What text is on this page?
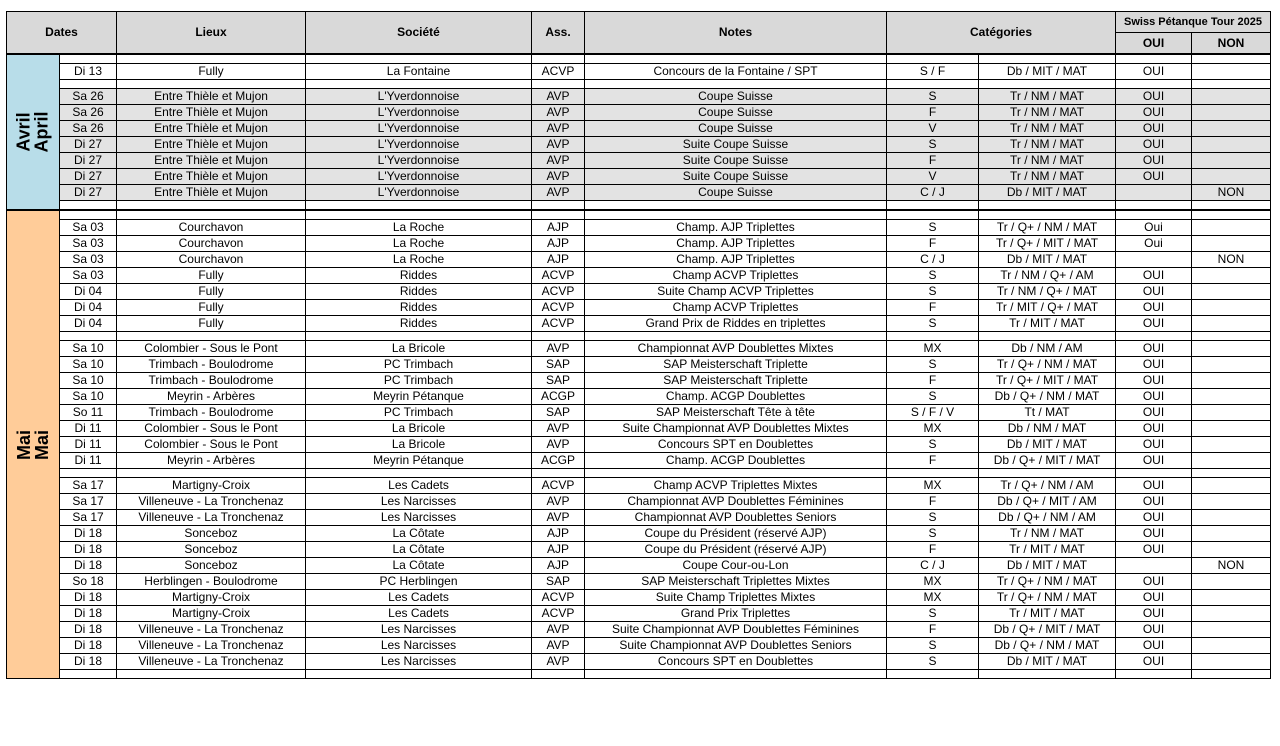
Dates		Lieux	Société	Ass.	Notes	Catégories		Swiss Pétanque Tour 2025	
								OUI	NON

Avril
April									

	Di 13	Fully	La Fontaine	ACVP	Concours de la Fontaine / SPT	S / F	Db / MIT / MAT	OUI	

	Sa 26	Entre Thièle et Mujon	L'Yverdonnoise	AVP	Coupe Suisse	S	Tr / NM / MAT	OUI	
	Sa 26	Entre Thièle et Mujon	L'Yverdonnoise	AVP	Coupe Suisse	F	Tr / NM / MAT	OUI	
	Sa 26	Entre Thièle et Mujon	L'Yverdonnoise	AVP	Coupe Suisse	V	Tr / NM / MAT	OUI	
	Di 27	Entre Thièle et Mujon	L'Yverdonnoise	AVP	Suite Coupe Suisse	S	Tr / NM / MAT	OUI	
	Di 27	Entre Thièle et Mujon	L'Yverdonnoise	AVP	Suite Coupe Suisse	F	Tr / NM / MAT	OUI	
	Di 27	Entre Thièle et Mujon	L'Yverdonnoise	AVP	Suite Coupe Suisse	V	Tr / NM / MAT	OUI	
	Di 27	Entre Thièle et Mujon	L'Yverdonnoise	AVP	Coupe Suisse	C / J	Db / MIT / MAT		NON

Mai
Mai									

	Sa 03	Courchavon	La Roche	AJP	Champ. AJP Triplettes	S	Tr / Q+ / NM / MAT	Oui	
	Sa 03	Courchavon	La Roche	AJP	Champ. AJP Triplettes	F	Tr / Q+ / MIT / MAT	Oui	
	Sa 03	Courchavon	La Roche	AJP	Champ. AJP Triplettes	C / J	Db / MIT / MAT		NON
	Sa 03	Fully	Riddes	ACVP	Champ ACVP Triplettes	S	Tr / NM / Q+ / AM	OUI	
	Di 04	Fully	Riddes	ACVP	Suite Champ ACVP Triplettes	S	Tr / NM / Q+ / MAT	OUI	
	Di 04	Fully	Riddes	ACVP	Champ ACVP Triplettes	F	Tr / MIT / Q+ / MAT	OUI	
	Di 04	Fully	Riddes	ACVP	Grand Prix de Riddes en triplettes	S	Tr / MIT / MAT	OUI	

	Sa 10	Colombier - Sous le Pont	La Bricole	AVP	Championnat AVP Doublettes Mixtes	MX	Db / NM / AM	OUI	
	Sa 10	Trimbach - Boulodrome	PC Trimbach	SAP	SAP Meisterschaft Triplette	S	Tr / Q+ / NM / MAT	OUI	
	Sa 10	Trimbach - Boulodrome	PC Trimbach	SAP	SAP Meisterschaft Triplette	F	Tr / Q+ / MIT / MAT	OUI	
	Sa 10	Meyrin - Arbères	Meyrin Pétanque	ACGP	Champ. ACGP Doublettes	S	Db / Q+ / NM / MAT	OUI	
	So 11	Trimbach - Boulodrome	PC Trimbach	SAP	SAP Meisterschaft Tête à tête	S / F / V	Tt / MAT	OUI	
	Di 11	Colombier - Sous le Pont	La Bricole	AVP	Suite Championnat AVP Doublettes Mixtes	MX	Db / NM / MAT	OUI	
	Di 11	Colombier - Sous le Pont	La Bricole	AVP	Concours SPT en Doublettes	S	Db / MIT / MAT	OUI	
	Di 11	Meyrin - Arbères	Meyrin Pétanque	ACGP	Champ. ACGP Doublettes	F	Db / Q+ / MIT / MAT	OUI	

	Sa 17	Martigny-Croix	Les Cadets	ACVP	Champ ACVP Triplettes Mixtes	MX	Tr / Q+ / NM / AM	OUI	
	Sa 17	Villeneuve - La Tronchenaz	Les Narcisses	AVP	Championnat AVP Doublettes Féminines	F	Db / Q+ / MIT / AM	OUI	
	Sa 17	Villeneuve - La Tronchenaz	Les Narcisses	AVP	Championnat AVP Doublettes Seniors	S	Db / Q+ / NM / AM	OUI	
	Di 18	Sonceboz	La Côtate	AJP	Coupe du Président (réservé AJP)	S	Tr / NM / MAT	OUI	
	Di 18	Sonceboz	La Côtate	AJP	Coupe du Président (réservé AJP)	F	Tr / MIT / MAT	OUI	
	Di 18	Sonceboz	La Côtate	AJP	Coupe Cour-ou-Lon	C / J	Db / MIT / MAT		NON
	So 18	Herblingen - Boulodrome	PC Herblingen	SAP	SAP Meisterschaft Triplettes Mixtes	MX	Tr / Q+ / NM / MAT	OUI	
	Di 18	Martigny-Croix	Les Cadets	ACVP	Suite Champ Triplettes Mixtes	MX	Tr / Q+ / NM / MAT	OUI	
	Di 18	Martigny-Croix	Les Cadets	ACVP	Grand Prix Triplettes	S	Tr / MIT / MAT	OUI	
	Di 18	Villeneuve - La Tronchenaz	Les Narcisses	AVP	Suite Championnat AVP Doublettes Féminines	F	Db / Q+ / MIT / MAT	OUI	
	Di 18	Villeneuve - La Tronchenaz	Les Narcisses	AVP	Suite Championnat AVP Doublettes Seniors	S	Db / Q+ / NM / MAT	OUI	
	Di 18	Villeneuve - La Tronchenaz	Les Narcisses	AVP	Concours SPT en Doublettes	S	Db / MIT / MAT	OUI	
